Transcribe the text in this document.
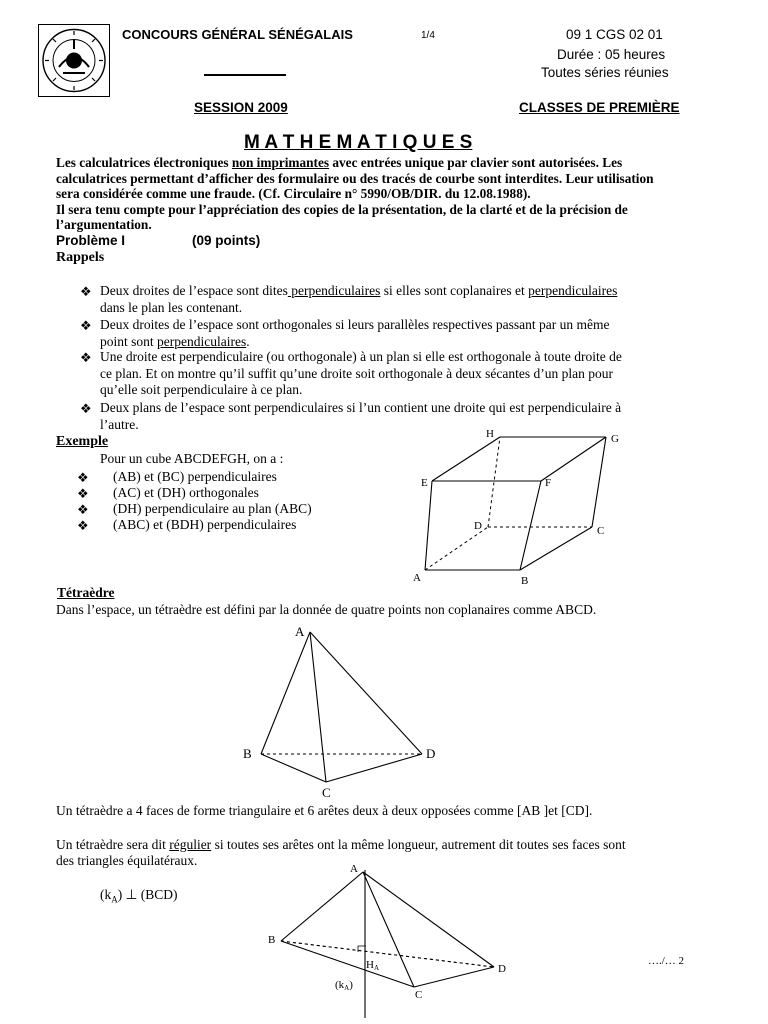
CONCOURS GÉNÉRAL SÉNÉGALAIS	1/4	09 1 CGS 02 01
Durée : 05 heures
Toutes séries réunies
SESSION 2009	CLASSES DE PREMIÈRE
M A T H E M A T I Q U E S
Les calculatrices électroniques non imprimantes avec entrées unique par clavier sont autorisées. Les
calculatrices permettant d’afficher des formulaire ou des tracés de courbe sont interdites. Leur utilisation
sera considérée comme une fraude. (Cf. Circulaire n° 5990/OB/DIR. du 12.08.1988).
Il sera tenu compte pour l’appréciation des copies de la présentation, de la clarté et de la précision de
l’argumentation.
Problème I	(09 points)
Rappels
❖ Deux droites de l’espace sont dites perpendiculaires si elles sont coplanaires et perpendiculaires
dans le plan les contenant.
❖ Deux droites de l’espace sont orthogonales si leurs parallèles respectives passant par un même
point sont perpendiculaires.
❖ Une droite est perpendiculaire (ou orthogonale) à un plan si elle est orthogonale à toute droite de
ce plan. Et on montre qu’il suffit qu’une droite soit orthogonale à deux sécantes d’un plan pour
qu’elle soit perpendiculaire à ce plan.
❖ Deux plans de l’espace sont perpendiculaires si l’un contient une droite qui est perpendiculaire à
l’autre.
Exemple
Pour un cube ABCDEFGH, on a :
❖ (AB) et (BC) perpendiculaires
❖ (AC) et (DH) orthogonales
❖ (DH) perpendiculaire au plan (ABC)
❖ (ABC) et (BDH) perpendiculaires
H	G
E	F
D	C
A	B
Tétraèdre
Dans l’espace, un tétraèdre est défini par la donnée de quatre points non coplanaires comme ABCD.
A
B
C
D
Un tétraèdre a 4 faces de forme triangulaire et 6 arêtes deux à deux opposées comme [AB ]et [CD].
Un tétraèdre sera dit régulier si toutes ses arêtes ont la même longueur, autrement dit toutes ses faces sont
des triangles équilatéraux.
$(k_A)$ ⊥ (BCD)
A
B
C
D
HA
(kA)
…./… 2
